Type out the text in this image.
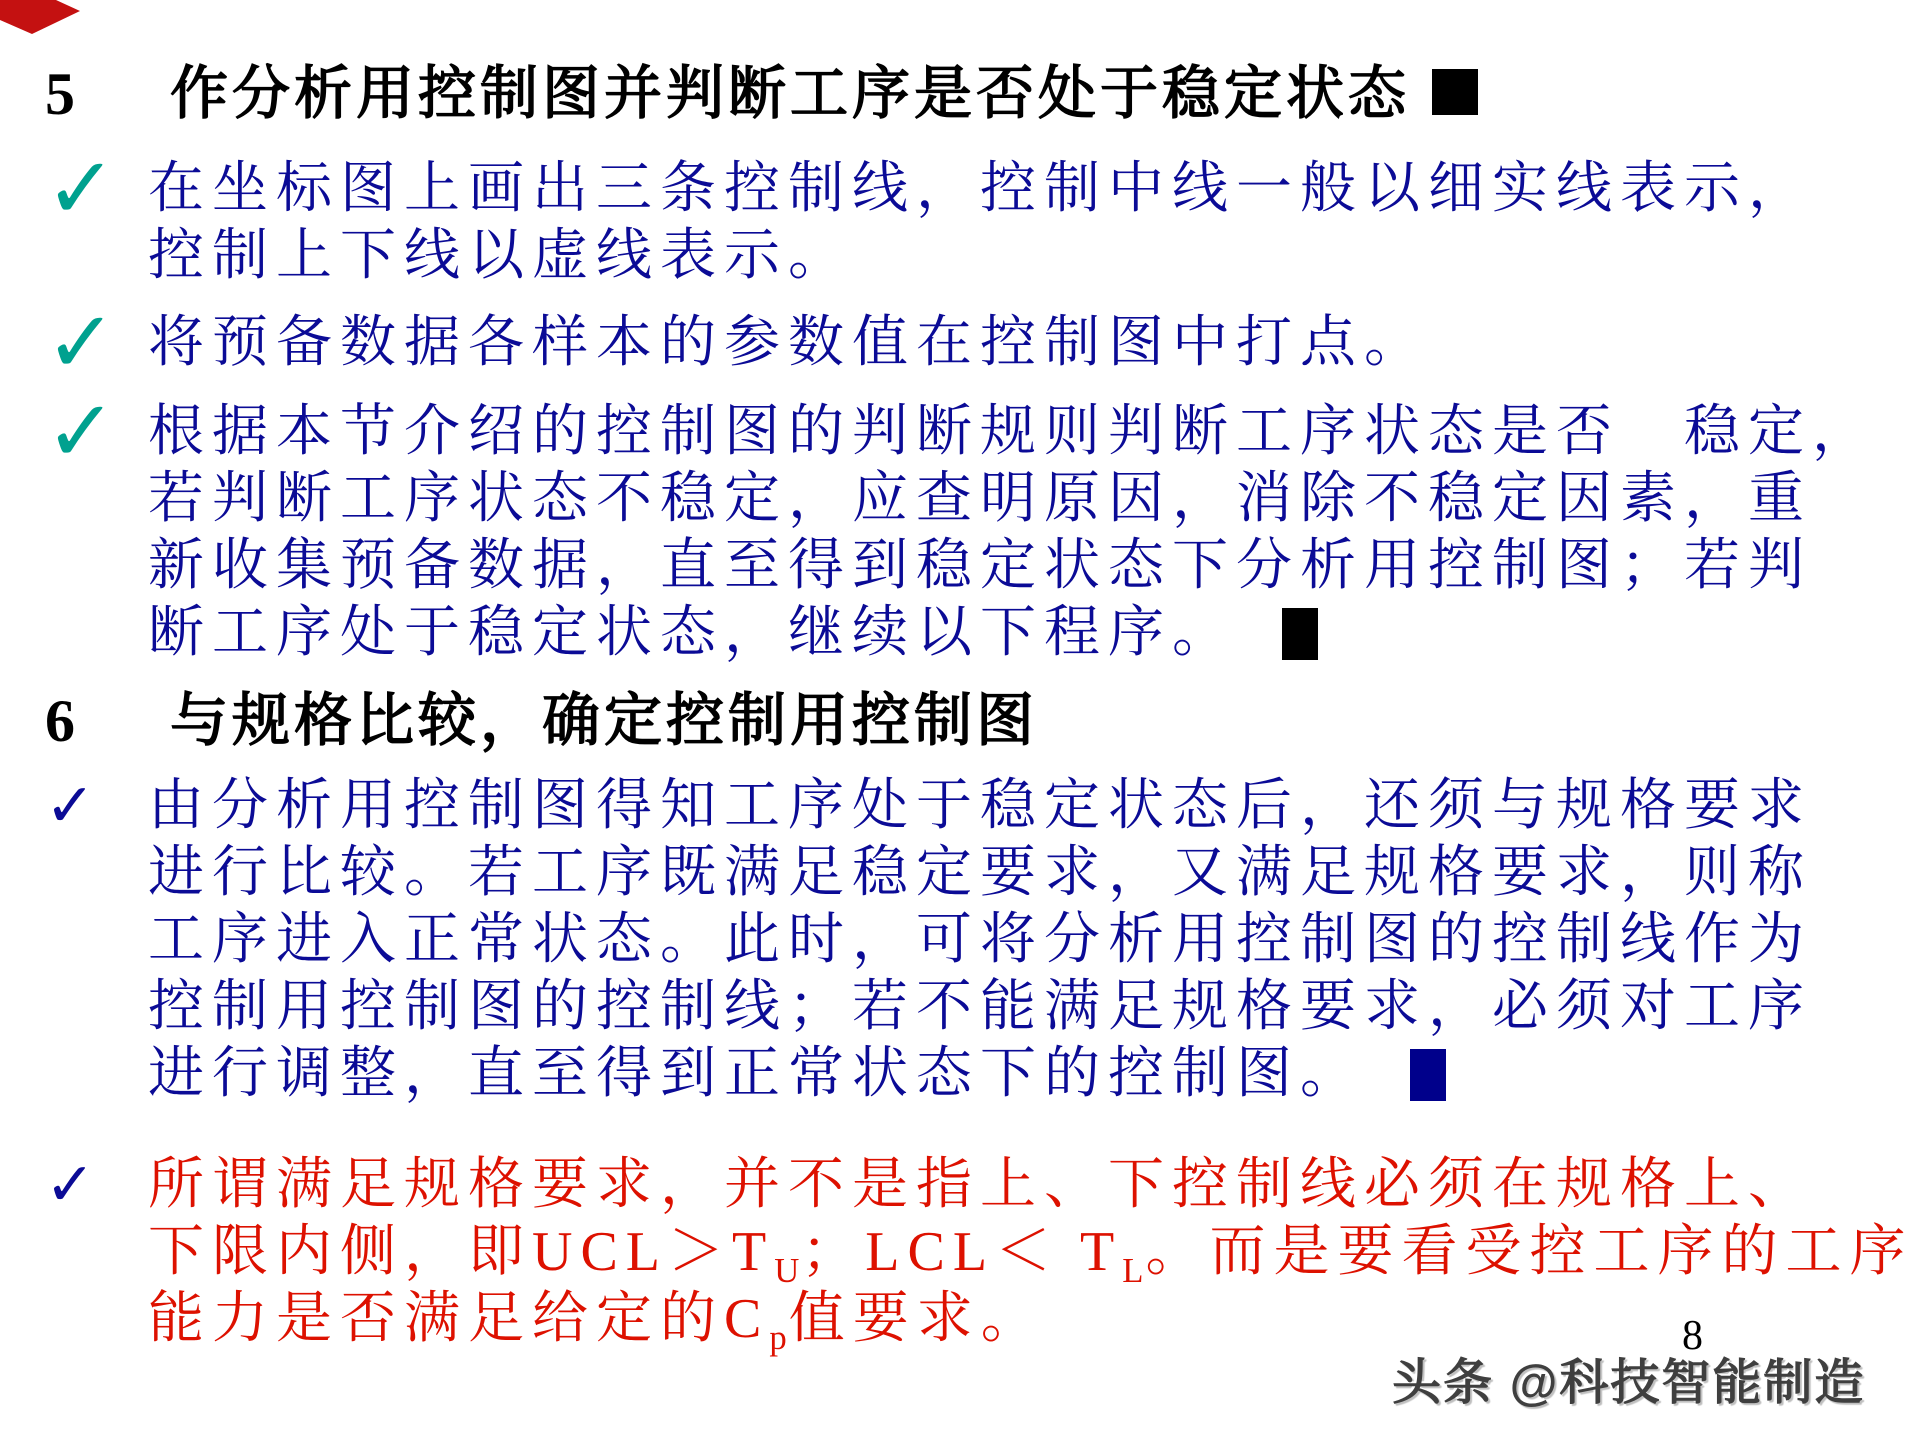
5	作分析用控制图并判断工序是否处于稳定状态
✓ 在坐标图上画出三条控制线，控制中线一般以细实线表示，
控制上下线以虚线表示。
✓ 将预备数据各样本的参数值在控制图中打点。
✓ 根据本节介绍的控制图的判断规则判断工序状态是否　稳定，
若判断工序状态不稳定，应查明原因，消除不稳定因素，重
新收集预备数据，直至得到稳定状态下分析用控制图；若判
断工序处于稳定状态，继续以下程序。
6	与规格比较，确定控制用控制图
✓ 由分析用控制图得知工序处于稳定状态后，还须与规格要求
进行比较。若工序既满足稳定要求，又满足规格要求，则称
工序进入正常状态。此时，可将分析用控制图的控制线作为
控制用控制图的控制线；若不能满足规格要求，必须对工序
进行调整，直至得到正常状态下的控制图。
✓ 所谓满足规格要求，并不是指上、下控制线必须在规格上、
下限内侧，即$UCL>T_U$；$LCL< T_L$。而是要看受控工序的工序
能力是否满足给定的$C_p$值要求。	8
头条 @科技智能制造
